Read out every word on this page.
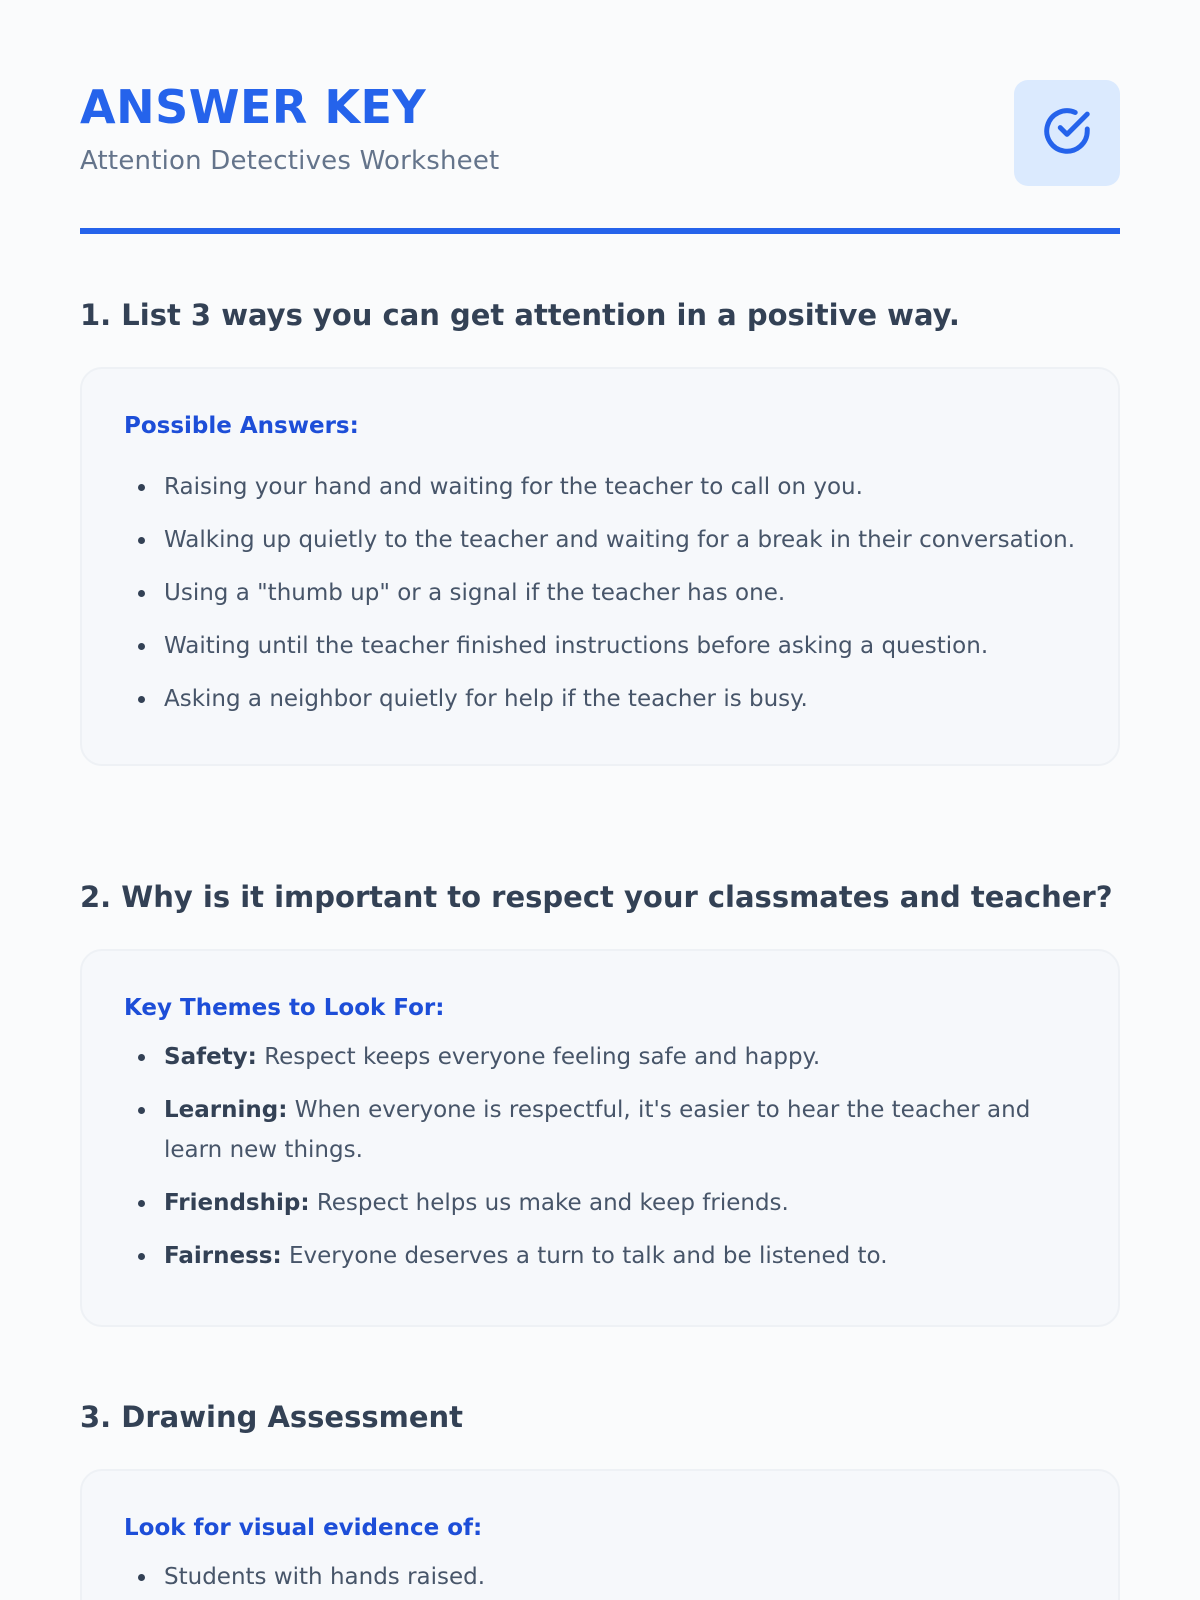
ANSWER KEY
Attention Detectives Worksheet
1. List 3 ways you can get attention in a positive way.
Possible Answers:
Raising your hand and waiting for the teacher to call on you.
Walking up quietly to the teacher and waiting for a break in their conversation.
Using a "thumb up" or a signal if the teacher has one.
Waiting until the teacher finished instructions before asking a question.
Asking a neighbor quietly for help if the teacher is busy.
2. Why is it important to respect your classmates and teacher?
Key Themes to Look For:
Safety: Respect keeps everyone feeling safe and happy.
Learning: When everyone is respectful, it's easier to hear the teacher and learn new things.
Friendship: Respect helps us make and keep friends.
Fairness: Everyone deserves a turn to talk and be listened to.
3. Drawing Assessment
Look for visual evidence of:
Students with hands raised.
